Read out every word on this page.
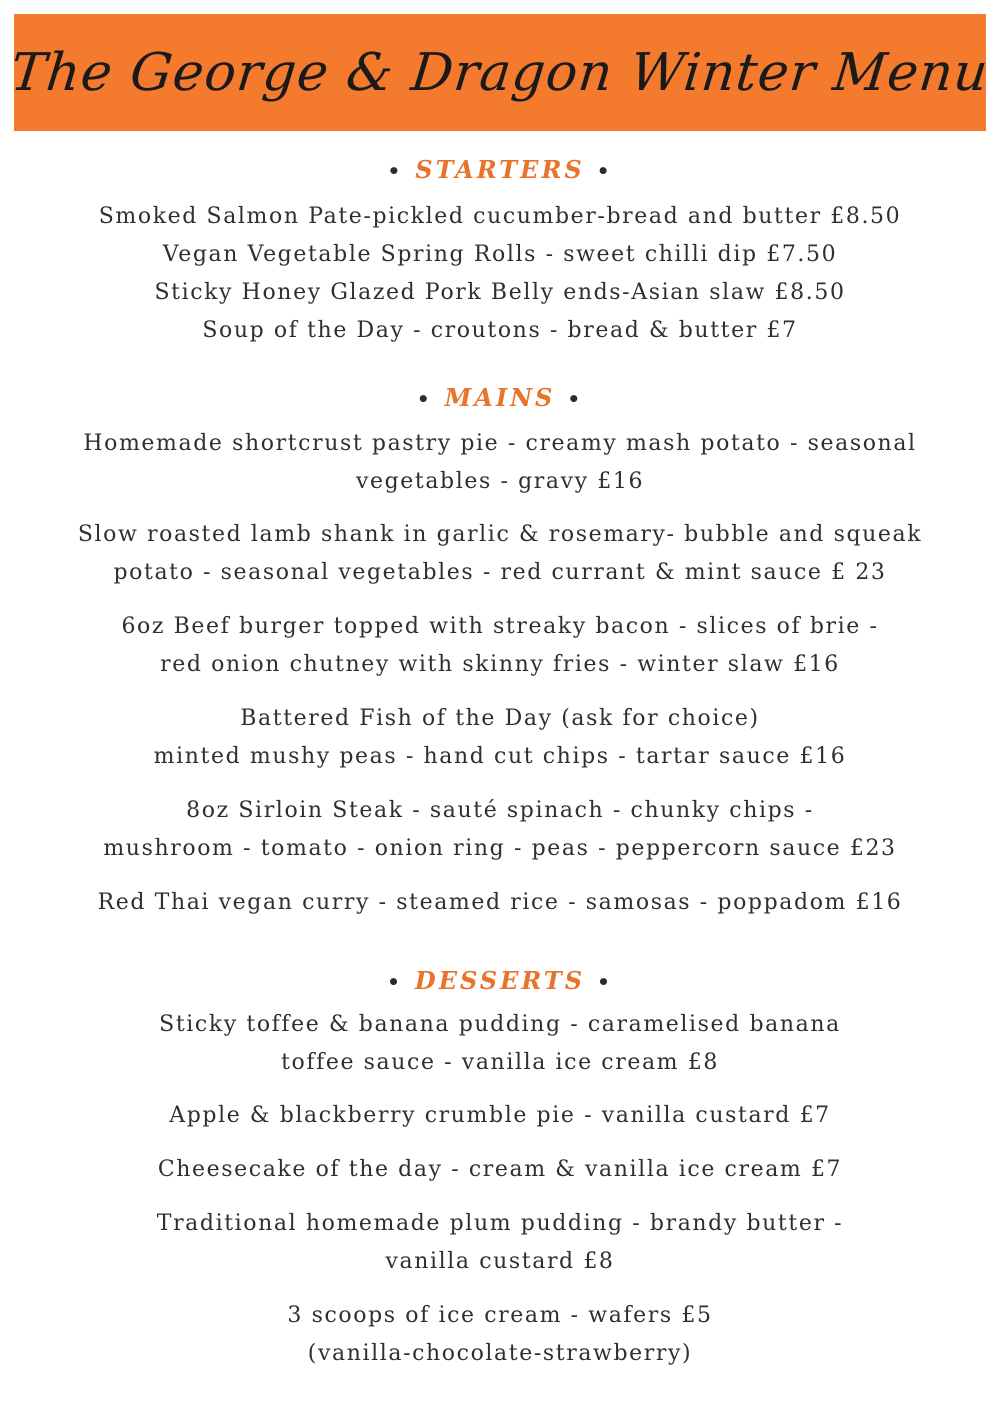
The George & Dragon Winter Menu
• STARTERS •
Smoked Salmon Pate-pickled cucumber-bread and butter £8.50
Vegan Vegetable Spring Rolls - sweet chilli dip £7.50
Sticky Honey Glazed Pork Belly ends-Asian slaw £8.50
Soup of the Day - croutons - bread & butter £7
• MAINS •
Homemade shortcrust pastry pie - creamy mash potato - seasonal
vegetables - gravy £16
Slow roasted lamb shank in garlic & rosemary- bubble and squeak
potato - seasonal vegetables - red currant & mint sauce £ 23
6oz Beef burger topped with streaky bacon - slices of brie -
red onion chutney with skinny fries - winter slaw £16
Battered Fish of the Day (ask for choice)
minted mushy peas - hand cut chips - tartar sauce £16
8oz Sirloin Steak - sauté spinach - chunky chips -
mushroom - tomato - onion ring - peas - peppercorn sauce £23
Red Thai vegan curry - steamed rice - samosas - poppadom £16
• DESSERTS •
Sticky toffee & banana pudding - caramelised banana
toffee sauce - vanilla ice cream £8
Apple & blackberry crumble pie - vanilla custard £7
Cheesecake of the day - cream & vanilla ice cream £7
Traditional homemade plum pudding - brandy butter -
vanilla custard £8
3 scoops of ice cream - wafers £5
(vanilla-chocolate-strawberry)
